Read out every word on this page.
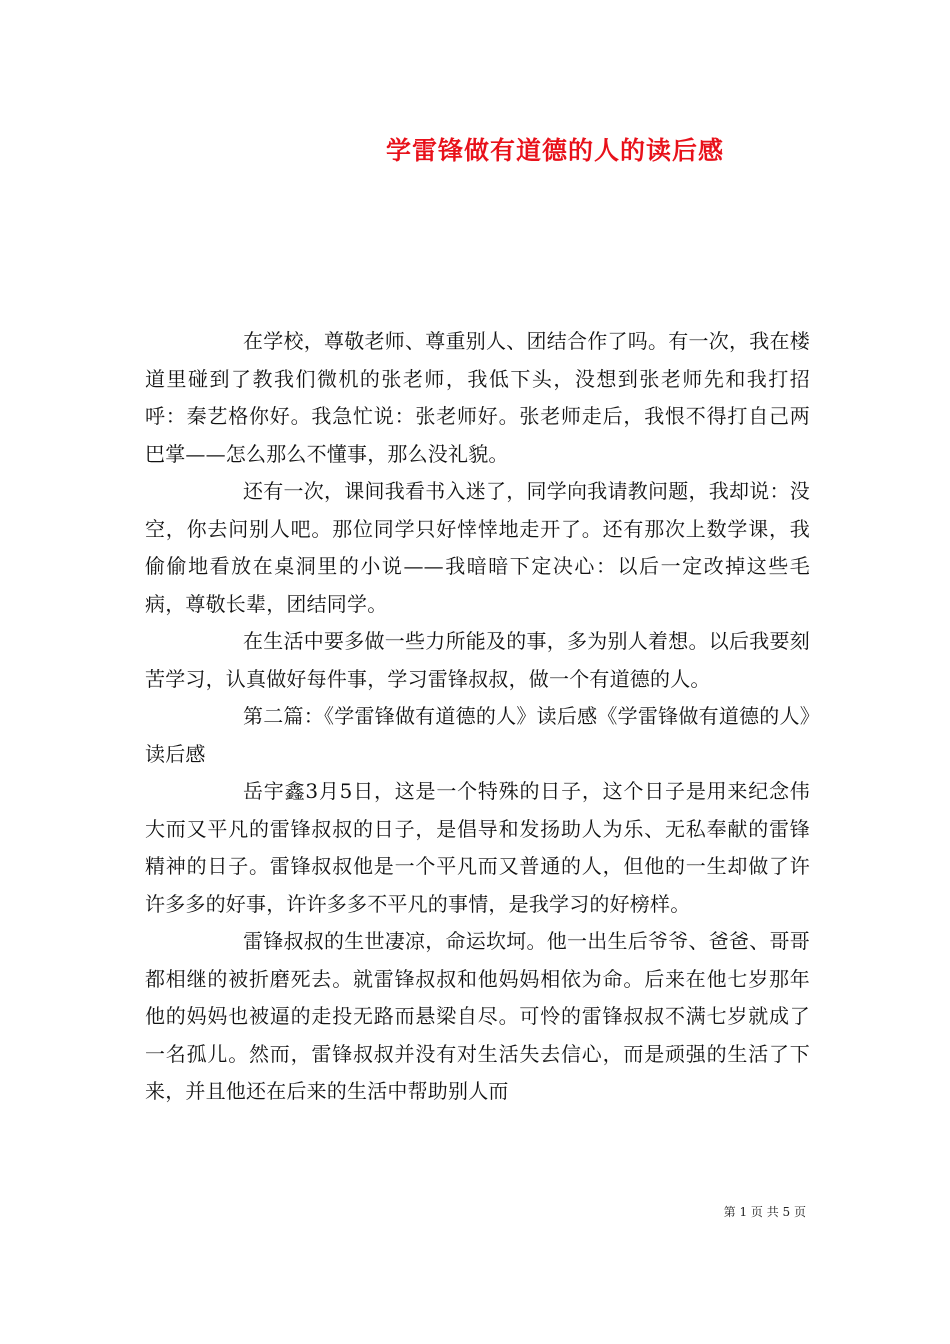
学雷锋做有道德的人的读后感

在学校，尊敬老师、尊重别人、团结合作了吗。有一次，我在楼道里碰到了教我们微机的张老师，我低下头，没想到张老师先和我打招呼：秦艺格你好。我急忙说：张老师好。张老师走后，我恨不得打自己两巴掌——怎么那么不懂事，那么没礼貌。

还有一次，课间我看书入迷了，同学向我请教问题，我却说：没空，你去问别人吧。那位同学只好悻悻地走开了。还有那次上数学课，我偷偷地看放在桌洞里的小说——我暗暗下定决心：以后一定改掉这些毛病，尊敬长辈，团结同学。

在生活中要多做一些力所能及的事，多为别人着想。以后我要刻苦学习，认真做好每件事，学习雷锋叔叔，做一个有道德的人。

第二篇：《学雷锋做有道德的人》读后感《学雷锋做有道德的人》读后感

岳宇鑫3月5日，这是一个特殊的日子，这个日子是用来纪念伟大而又平凡的雷锋叔叔的日子，是倡导和发扬助人为乐、无私奉献的雷锋精神的日子。雷锋叔叔他是一个平凡而又普通的人，但他的一生却做了许许多多的好事，许许多多不平凡的事情，是我学习的好榜样。

雷锋叔叔的生世凄凉，命运坎坷。他一出生后爷爷、爸爸、哥哥都相继的被折磨死去。就雷锋叔叔和他妈妈相依为命。后来在他七岁那年他的妈妈也被逼的走投无路而悬梁自尽。可怜的雷锋叔叔不满七岁就成了一名孤儿。然而，雷锋叔叔并没有对生活失去信心，而是顽强的生活了下来，并且他还在后来的生活中帮助别人而

第 1 页 共 5 页
